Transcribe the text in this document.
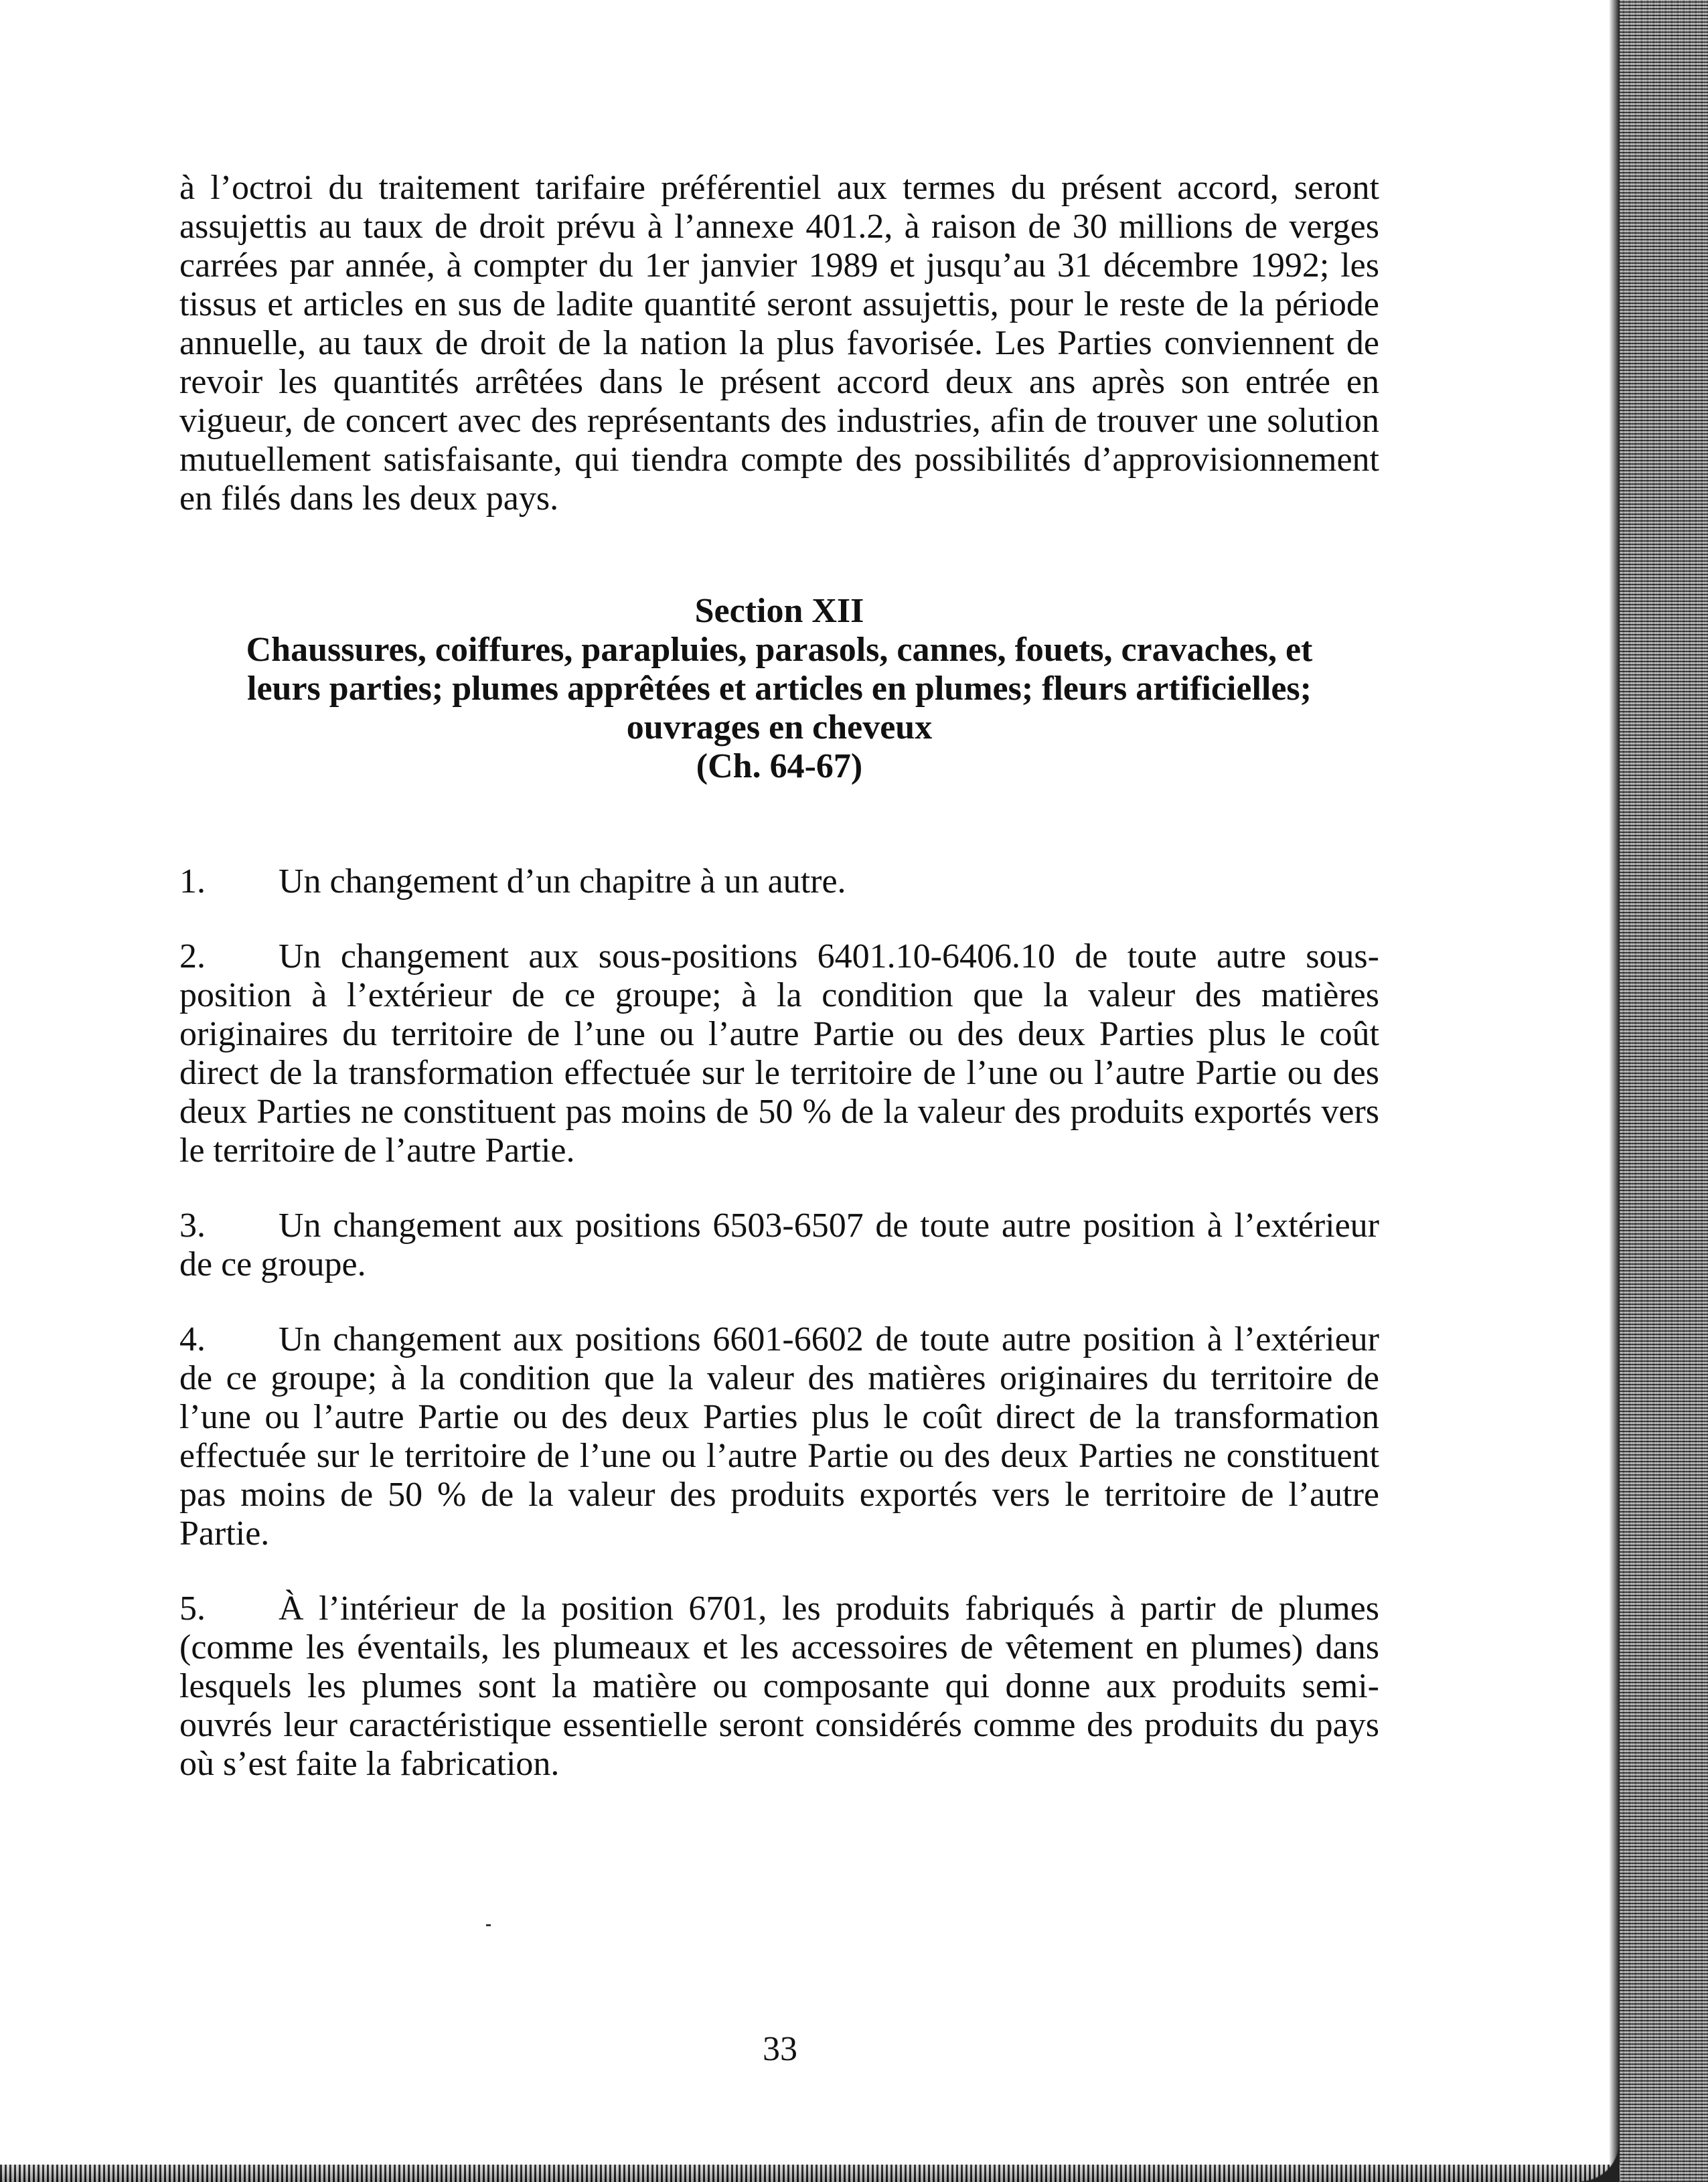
à l’octroi du traitement tarifaire préférentiel aux termes du présent accord, seront assujettis au taux de droit prévu à l’annexe 401.2, à raison de 30 millions de verges carrées par année, à compter du 1er janvier 1989 et jusqu’au 31 décembre 1992; les tissus et articles en sus de ladite quantité seront assujettis, pour le reste de la période annuelle, au taux de droit de la nation la plus favorisée. Les Parties conviennent de revoir les quantités arrêtées dans le présent accord deux ans après son entrée en vigueur, de concert avec des représentants des industries, afin de trouver une solution mutuellement satisfaisante, qui tiendra compte des possibilités d’approvisionnement en filés dans les deux pays.

Section XII
Chaussures, coiffures, parapluies, parasols, cannes, fouets, cravaches, et
leurs parties; plumes apprêtées et articles en plumes; fleurs artificielles;
ouvrages en cheveux
(Ch. 64-67)

1. Un changement d’un chapitre à un autre.

2. Un changement aux sous-positions 6401.10-6406.10 de toute autre sous-position à l’extérieur de ce groupe; à la condition que la valeur des matières originaires du territoire de l’une ou l’autre Partie ou des deux Parties plus le coût direct de la transformation effectuée sur le territoire de l’une ou l’autre Partie ou des deux Parties ne constituent pas moins de 50 % de la valeur des produits exportés vers le territoire de l’autre Partie.

3. Un changement aux positions 6503-6507 de toute autre position à l’extérieur de ce groupe.

4. Un changement aux positions 6601-6602 de toute autre position à l’extérieur de ce groupe; à la condition que la valeur des matières originaires du territoire de l’une ou l’autre Partie ou des deux Parties plus le coût direct de la transformation effectuée sur le territoire de l’une ou l’autre Partie ou des deux Parties ne constituent pas moins de 50 % de la valeur des produits exportés vers le territoire de l’autre Partie.

5. À l’intérieur de la position 6701, les produits fabriqués à partir de plumes (comme les éventails, les plumeaux et les accessoires de vêtement en plumes) dans lesquels les plumes sont la matière ou composante qui donne aux produits semi-ouvrés leur caractéristique essentielle seront considérés comme des produits du pays où s’est faite la fabrication.

33
